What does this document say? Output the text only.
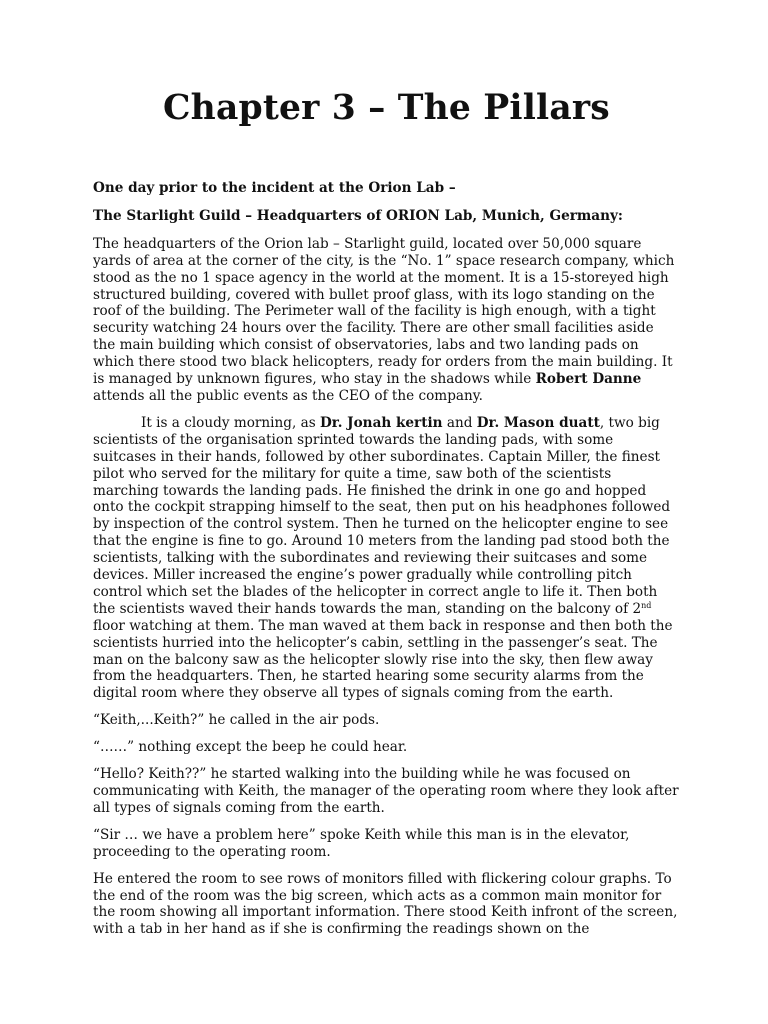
Chapter 3 – The Pillars

One day prior to the incident at the Orion Lab –

The Starlight Guild – Headquarters of ORION Lab, Munich, Germany:

The headquarters of the Orion lab – Starlight guild, located over 50,000 square yards of area at the corner of the city, is the “No. 1” space research company, which stood as the no 1 space agency in the world at the moment. It is a 15-storeyed high structured building, covered with bullet proof glass, with its logo standing on the roof of the building. The Perimeter wall of the facility is high enough, with a tight security watching 24 hours over the facility. There are other small facilities aside the main building which consist of observatories, labs and two landing pads on which there stood two black helicopters, ready for orders from the main building. It is managed by unknown figures, who stay in the shadows while Robert Danne attends all the public events as the CEO of the company.

It is a cloudy morning, as Dr. Jonah kertin and Dr. Mason duatt, two big scientists of the organisation sprinted towards the landing pads, with some suitcases in their hands, followed by other subordinates. Captain Miller, the finest pilot who served for the military for quite a time, saw both of the scientists marching towards the landing pads. He finished the drink in one go and hopped onto the cockpit strapping himself to the seat, then put on his headphones followed by inspection of the control system. Then he turned on the helicopter engine to see that the engine is fine to go. Around 10 meters from the landing pad stood both the scientists, talking with the subordinates and reviewing their suitcases and some devices. Miller increased the engine’s power gradually while controlling pitch control which set the blades of the helicopter in correct angle to life it. Then both the scientists waved their hands towards the man, standing on the balcony of 2nd floor watching at them. The man waved at them back in response and then both the scientists hurried into the helicopter’s cabin, settling in the passenger’s seat. The man on the balcony saw as the helicopter slowly rise into the sky, then flew away from the headquarters. Then, he started hearing some security alarms from the digital room where they observe all types of signals coming from the earth.

“Keith,...Keith?” he called in the air pods.

“……” nothing except the beep he could hear.

“Hello? Keith??” he started walking into the building while he was focused on communicating with Keith, the manager of the operating room where they look after all types of signals coming from the earth.

“Sir … we have a problem here” spoke Keith while this man is in the elevator, proceeding to the operating room.

He entered the room to see rows of monitors filled with flickering colour graphs. To the end of the room was the big screen, which acts as a common main monitor for the room showing all important information. There stood Keith infront of the screen, with a tab in her hand as if she is confirming the readings shown on the
